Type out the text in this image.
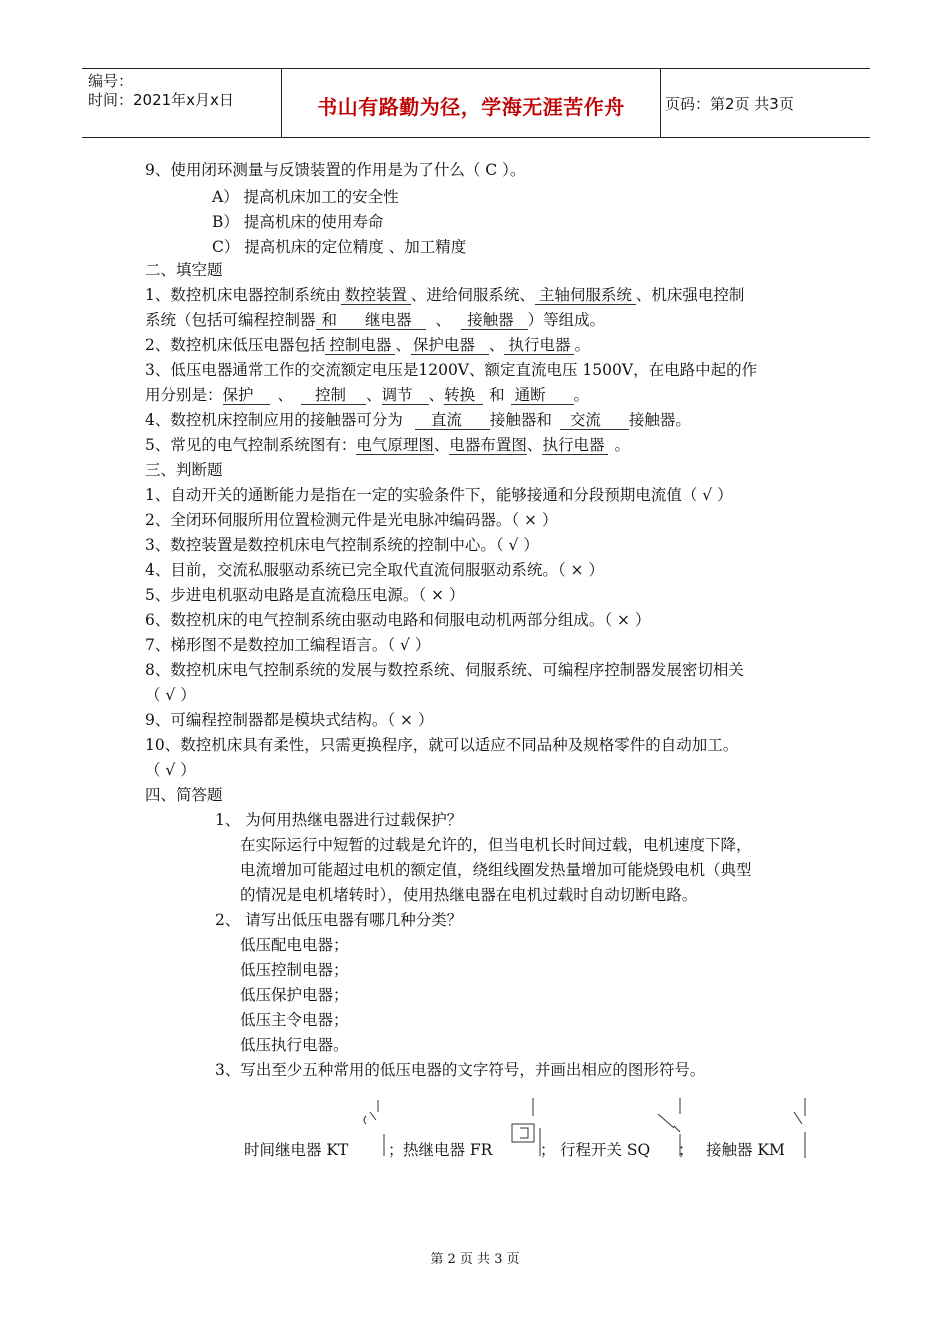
编号：
时间：2021年x月x日	书山有路勤为径，学海无涯苦作舟	页码：第2页 共3页
9、使用闭环测量与反馈装置的作用是为了什么（ C ）。
A） 提高机床加工的安全性
B） 提高机床的使用寿命
C） 提高机床的定位精度 、加工精度
二、填空题
1、数控机床电器控制系统由 数控装置 、进给伺服系统、 主轴伺服系统 、机床强电控制
系统（包括可编程控制器 和 继电器 、 接触器 ）等组成。
2、数控机床低压电器包括 控制电器 、 保护电器 、 执行电器 。
3、低压电器通常工作的交流额定电压是1200V、额定直流电压 1500V，在电路中起的作
用分别是：保护 、 控制 、调节 、转换 和 通断 。
4、数控机床控制应用的接触器可分为 直流 接触器和 交流 接触器。
5、常见的电气控制系统图有：电气原理图、电器布置图、执行电器 。
三、判断题
1、自动开关的通断能力是指在一定的实验条件下，能够接通和分段预期电流值（ √ ）
2、全闭环伺服所用位置检测元件是光电脉冲编码器。（ × ）
3、数控装置是数控机床电气控制系统的控制中心。（ √ ）
4、目前，交流私服驱动系统已完全取代直流伺服驱动系统。（ × ）
5、步进电机驱动电路是直流稳压电源。（ × ）
6、数控机床的电气控制系统由驱动电路和伺服电动机两部分组成。（ × ）
7、梯形图不是数控加工编程语言。（ √ ）
8、数控机床电气控制系统的发展与数控系统、伺服系统、可编程序控制器发展密切相关
（ √ ）
9、可编程控制器都是模块式结构。（ × ）
10、数控机床具有柔性，只需更换程序，就可以适应不同品种及规格零件的自动加工。
（ √ ）
四、简答题
1、 为何用热继电器进行过载保护？
在实际运行中短暂的过载是允许的，但当电机长时间过载，电机速度下降，
电流增加可能超过电机的额定值，绕组线圈发热量增加可能烧毁电机（典型
的情况是电机堵转时），使用热继电器在电机过载时自动切断电路。
2、 请写出低压电器有哪几种分类？
低压配电电器；
低压控制电器；
低压保护电器；
低压主令电器；
低压执行电器。
3、写出至少五种常用的低压电器的文字符号，并画出相应的图形符号。
时间继电器 KT	； 热继电器 FR	； 行程开关 SQ ； 接触器 KM
第 2 页 共 3 页
